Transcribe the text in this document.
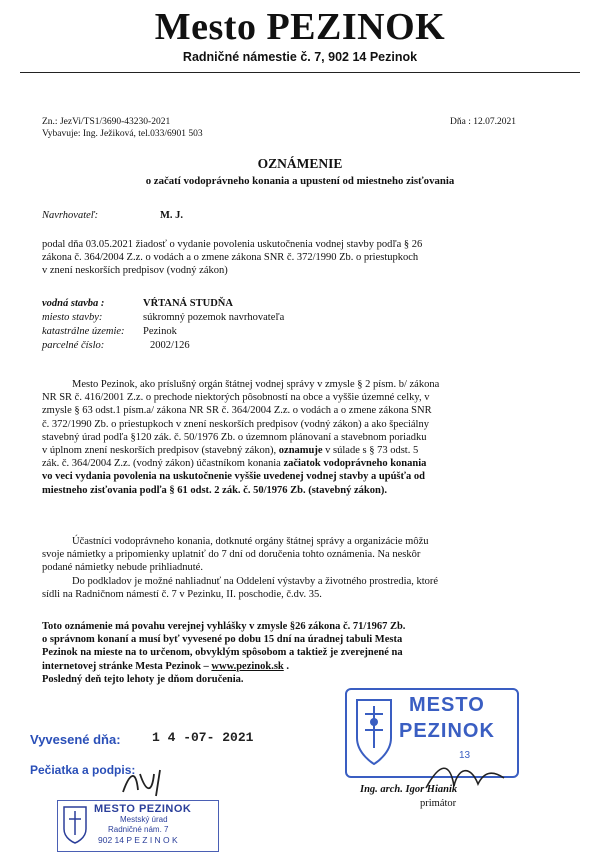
Mesto PEZINOK
Radničné námestie č. 7, 902 14 Pezinok
Zn.: JezVi/TS1/3690-43230-2021
Vybavuje: Ing. Ježiková, tel.033/6901 503
Dňa : 12.07.2021
OZNÁMENIE
o začatí vodoprávneho konania a upustení od miestneho zisťovania
Navrhovateľ:	M. J.
podal dňa 03.05.2021 žiadosť o vydanie povolenia uskutočnenia vodnej stavby podľa § 26
zákona č. 364/2004 Z.z. o vodách a o zmene zákona SNR č. 372/1990 Zb. o priestupkoch
v znení neskorších predpisov (vodný zákon)
vodná stavba :	VŔTANÁ STUDŇA
miesto stavby:	súkromný pozemok navrhovateľa
katastrálne územie: Pezinok
parcelné číslo:	2002/126
Mesto Pezinok, ako príslušný orgán štátnej vodnej správy v zmysle § 2 písm. b/ zákona
NR SR č. 416/2001 Z.z. o prechode niektorých pôsobností na obce a vyššie územné celky, v
zmysle § 63 odst.1 písm.a/ zákona NR SR č. 364/2004 Z.z. o vodách a o zmene zákona SNR
č. 372/1990 Zb. o priestupkoch v znení neskorších predpisov (vodný zákon) a ako špeciálny
stavebný úrad podľa §120 zák. č. 50/1976 Zb. o územnom plánovaní a stavebnom poriadku
v úplnom znení neskorších predpisov (stavebný zákon), oznamuje v súlade s § 73 odst. 5
zák. č. 364/2004 Z.z. (vodný zákon) účastníkom konania začiatok vodoprávneho konania
vo veci vydania povolenia na uskutočnenie vyššie uvedenej vodnej stavby a upúšťa od
miestneho zisťovania podľa § 61 odst. 2 zák. č. 50/1976 Zb. (stavebný zákon).
Účastníci vodoprávneho konania, dotknuté orgány štátnej správy a organizácie môžu
svoje námietky a pripomienky uplatniť do 7 dní od doručenia tohto oznámenia. Na neskôr
podané námietky nebude prihliadnuté.
Do podkladov je možné nahliadnuť na Oddelení výstavby a životného prostredia, ktoré
sídli na Radničnom námestí č. 7 v Pezinku, II. poschodie, č.dv. 35.
Toto oznámenie má povahu verejnej vyhlášky v zmysle §26 zákona č. 71/1967 Zb.
o správnom konaní a musí byť vyvesené po dobu 15 dní na úradnej tabuli Mesta
Pezinok na mieste na to určenom, obvyklým spôsobom a taktiež je zverejnené na
internetovej stránke Mesta Pezinok – www.pezinok.sk .
Posledný deň tejto lehoty je dňom doručenia.
Vyvesené dňa: 1 4 -07- 2021
Pečiatka a podpis:
MESTO
PEZINOK
13
Ing. arch. Igor Hianik
primátor
MESTO PEZINOK
Mestský úrad
Radničné nám. 7
902 14 P E Z I N O K
